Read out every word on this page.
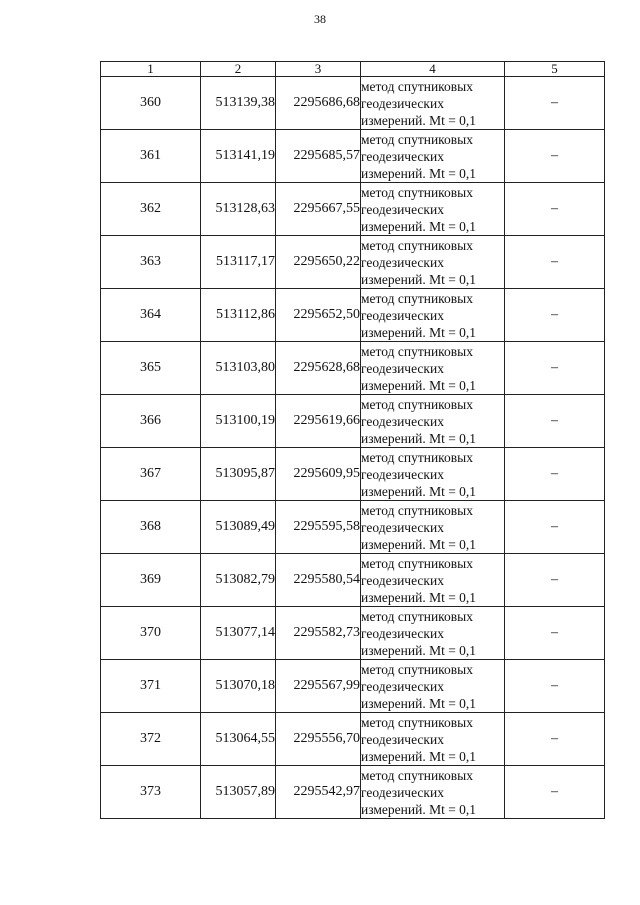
38
1	2	3	4	5
360	513139,38	2295686,68	метод спутниковых
геодезических
измерений. Mt = 0,1	–
361	513141,19	2295685,57	метод спутниковых
геодезических
измерений. Mt = 0,1	–
362	513128,63	2295667,55	метод спутниковых
геодезических
измерений. Mt = 0,1	–
363	513117,17	2295650,22	метод спутниковых
геодезических
измерений. Mt = 0,1	–
364	513112,86	2295652,50	метод спутниковых
геодезических
измерений. Mt = 0,1	–
365	513103,80	2295628,68	метод спутниковых
геодезических
измерений. Mt = 0,1	–
366	513100,19	2295619,66	метод спутниковых
геодезических
измерений. Mt = 0,1	–
367	513095,87	2295609,95	метод спутниковых
геодезических
измерений. Mt = 0,1	–
368	513089,49	2295595,58	метод спутниковых
геодезических
измерений. Mt = 0,1	–
369	513082,79	2295580,54	метод спутниковых
геодезических
измерений. Mt = 0,1	–
370	513077,14	2295582,73	метод спутниковых
геодезических
измерений. Mt = 0,1	–
371	513070,18	2295567,99	метод спутниковых
геодезических
измерений. Mt = 0,1	–
372	513064,55	2295556,70	метод спутниковых
геодезических
измерений. Mt = 0,1	–
373	513057,89	2295542,97	метод спутниковых
геодезических
измерений. Mt = 0,1	–
